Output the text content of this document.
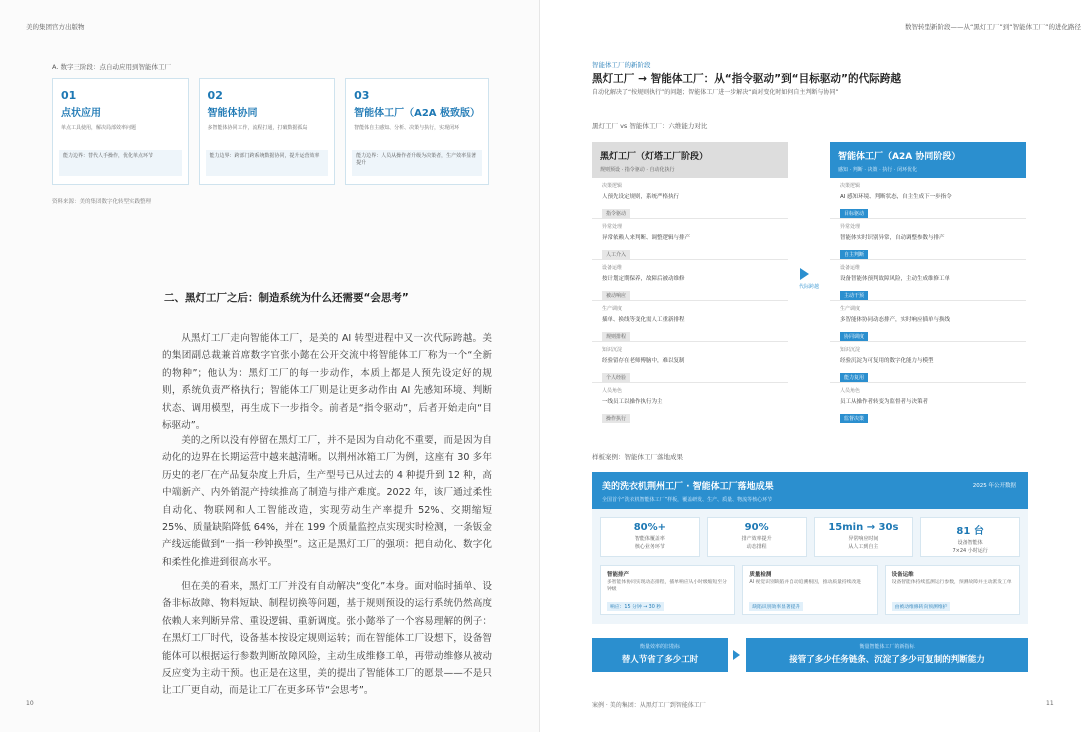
美的集团官方出版物
A. 数字三阶段：点自动应用到智能体工厂
01
点状应用
单点工具使用，解决局部效率问题
能力边界：替代人手操作，优化单点环节
02
智能体协同
多智能体协同工作，流程打通，打破数据孤岛
能力边界：跨部门跨系统数据协同，提升运营效率
03
智能体工厂（A2A 极致版）
智能体自主感知、分析、决策与执行，实现闭环
能力边界：人员从操作者升级为决策者，生产效率显著提升
资料来源：美的集团数字化转型实践整理
二、黑灯工厂之后：制造系统为什么还需要“会思考”

从黑灯工厂走向智能体工厂，是美的 AI 转型进程中又一次代际跨越。美的集团副总裁兼首席数字官张小懿在公开交流中将智能体工厂称为一个“全新的物种”；他认为：黑灯工厂的每一步动作，本质上都是人预先设定好的规则，系统负责严格执行；智能体工厂则是让更多动作由 AI 先感知环境、判断状态、调用模型，再生成下一步指令。前者是“指令驱动”，后者开始走向“目标驱动”。

美的之所以没有停留在黑灯工厂，并不是因为自动化不重要，而是因为自动化的边界在长期运营中越来越清晰。以荆州冰箱工厂为例，这座有 30 多年历史的老厂在产品复杂度上升后，生产型号已从过去的 4 种提升到 12 种，高中端新产、内外销混产持续推高了制造与排产难度。2022 年，该厂通过柔性自动化、物联网和人工智能改造，实现劳动生产率提升 52%、交期缩短 25%、质量缺陷降低 64%，并在 199 个质量监控点实现实时检测，一条钣金产线远能做到“一指一秒钟换型”。这正是黑灯工厂的强项：把自动化、数字化和柔性化推进到很高水平。

但在美的看来，黑灯工厂并没有自动解决“变化”本身。面对临时插单、设备非标故障、物料短缺、制程切换等问题，基于规则预设的运行系统仍然高度依赖人来判断异常、重设逻辑、重新调度。张小懿举了一个容易理解的例子：在黑灯工厂时代，设备基本按设定规则运转；而在智能体工厂设想下，设备智能体可以根据运行参数判断故障风险，主动生成维修工单，再带动维修从被动反应变为主动干预。也正是在这里，美的提出了智能体工厂的愿景——不是只让工厂更自动，而是让工厂在更多环节“会思考”。

10
数智转型新阶段——从“黑灯工厂”到“智能体工厂”的进化路径
智能体工厂的新阶段
黑灯工厂 → 智能体工厂：从“指令驱动”到“目标驱动”的代际跨越
自动化解决了“按规则执行”的问题；智能体工厂进一步解决“面对变化时如何自主判断与协同”
黑灯工厂 vs 智能体工厂：六维能力对比
黑灯工厂（灯塔工厂阶段）
规则预设 · 指令驱动 · 自动化执行
决策逻辑
人预先设定规则，系统严格执行
指令驱动
异常处理
异常依赖人来判断、调整逻辑与排产
人工介入
设备运维
按计划定期保养，故障后被动维修
被动响应
生产调度
插单、换线等变化需人工重新排程
规则排程
知识沉淀
经验留存在老师傅脑中，难以复制
个人经验
人员角色
一线员工以操作执行为主
操作执行
代际跨越
智能体工厂（A2A 协同阶段）
感知 · 判断 · 决策 · 执行 · 闭环优化
决策逻辑
AI 感知环境、判断状态，自主生成下一步指令
目标驱动
异常处理
智能体实时识别异常，自动调整参数与排产
自主判断
设备运维
设备智能体预判故障风险，主动生成维修工单
主动干预
生产调度
多智能体协同动态排产，实时响应插单与换线
协同调度
知识沉淀
经验沉淀为可复用的数字化能力与模型
能力复用
人员角色
员工从操作者转变为监督者与决策者
监督决策
样板案例：智能体工厂落地成果
美的洗衣机荆州工厂 · 智能体工厂落地成果
全国首个“洗衣机智能体工厂”样板，覆盖研发、生产、质量、物流等核心环节
2025 年公开数据
80%+
智能体覆盖率
核心业务环节
90%
排产效率提升
动态排程
15min → 30s
异常响应时间
从人工到自主
81 台
设备智能体
7×24 小时运行
智能排产
多智能体协同实现动态排程，插单响应从小时级缩短至分钟级
响应：15 分钟 → 30 秒
质量检测
AI 视觉识别缺陷并自动追溯根因，推动质量持续改进
缺陷识别效率显著提升
设备运维
设备智能体持续监测运行参数，预测故障并主动派发工单
由被动维修转向预测维护
衡量效率的旧指标
替人节省了多少工时
衡量智能体工厂的新指标
接管了多少任务链条、沉淀了多少可复制的判断能力
案例 · 美的集团：从黑灯工厂到智能体工厂	11
